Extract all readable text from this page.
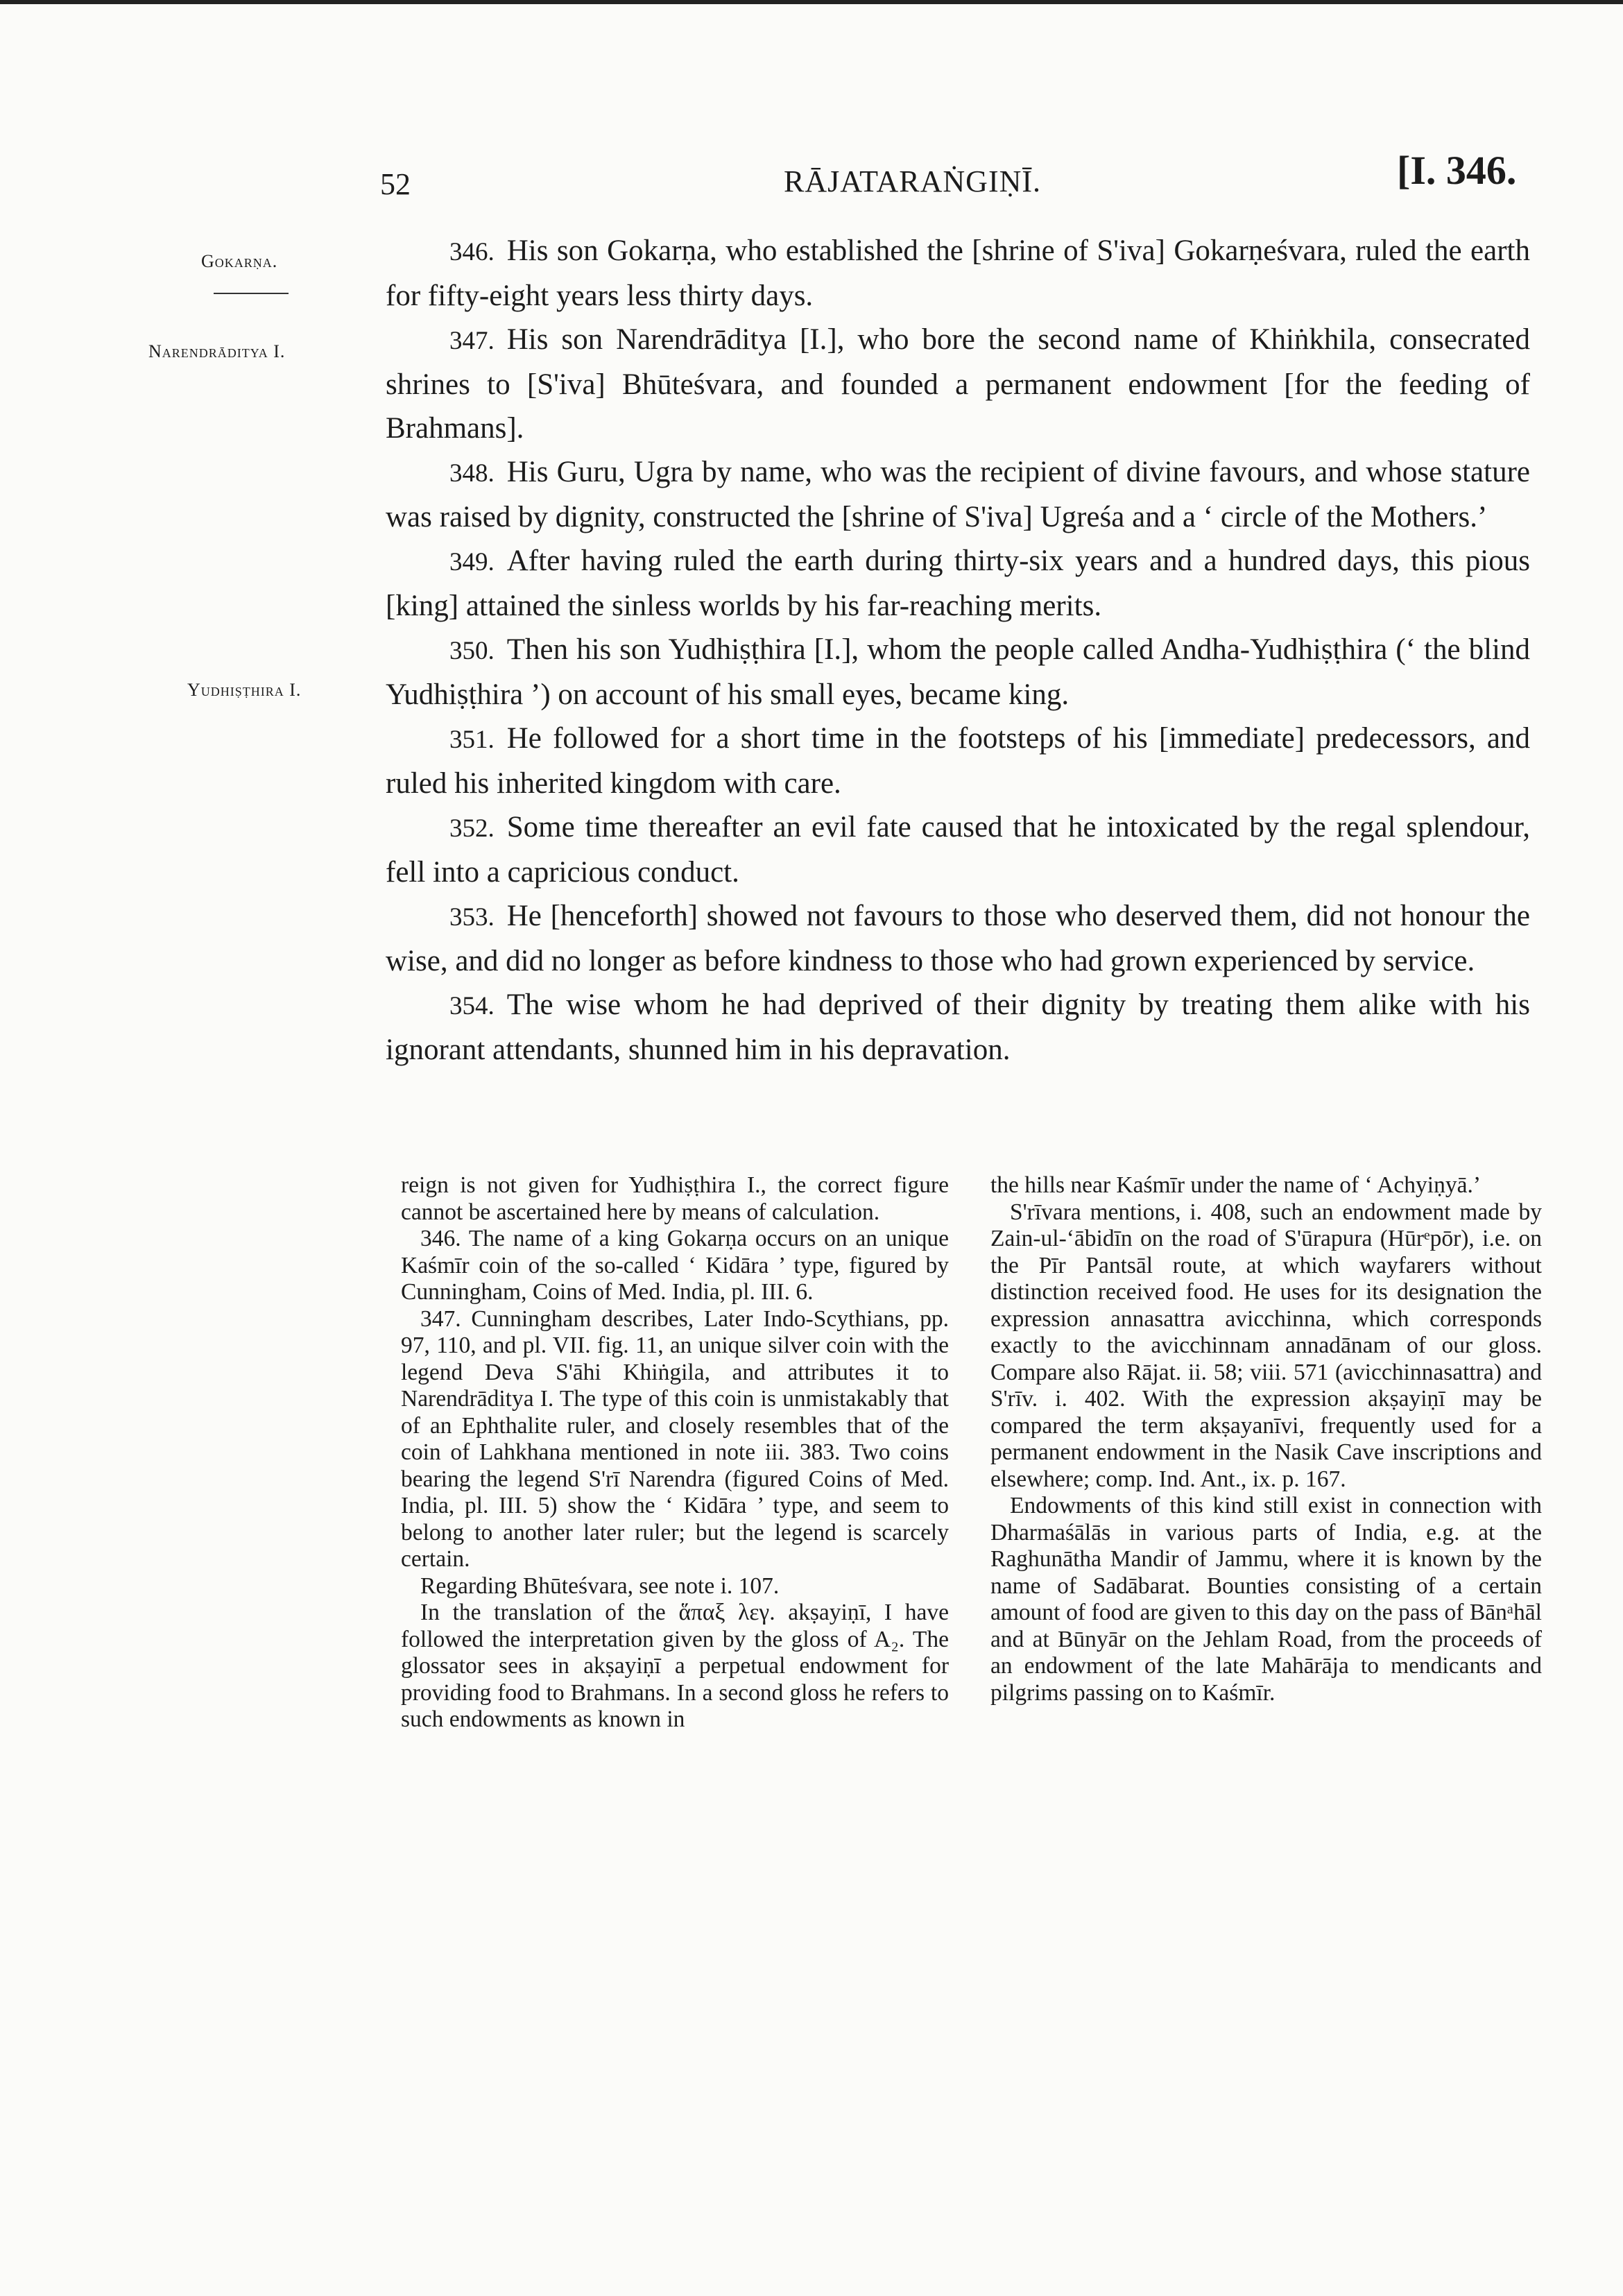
52	RĀJATARAṄGIṆĪ.	[I. 346.
Gokarṇa.
Narendrāditya I.
Yudhiṣṭhira I.

346. His son Gokarṇa, who established the [shrine of S'iva] Gokarṇeśvara, ruled the earth for fifty-eight years less thirty days.

347. His son Narendrāditya [I.], who bore the second name of Khiṅkhila, consecrated shrines to [S'iva] Bhūteśvara, and founded a permanent endowment [for the feeding of Brahmans].

348. His Guru, Ugra by name, who was the recipient of divine favours, and whose stature was raised by dignity, constructed the [shrine of S'iva] Ugreśa and a ‘ circle of the Mothers.’

349. After having ruled the earth during thirty-six years and a hundred days, this pious [king] attained the sinless worlds by his far-reaching merits.

350. Then his son Yudhiṣṭhira [I.], whom the people called Andha-Yudhiṣṭhira (‘ the blind Yudhiṣṭhira ’) on account of his small eyes, became king.

351. He followed for a short time in the footsteps of his [immediate] predecessors, and ruled his inherited kingdom with care.

352. Some time thereafter an evil fate caused that he intoxicated by the regal splendour, fell into a capricious conduct.

353. He [henceforth] showed not favours to those who deserved them, did not honour the wise, and did no longer as before kindness to those who had grown experienced by service.

354. The wise whom he had deprived of their dignity by treating them alike with his ignorant attendants, shunned him in his depravation.

reign is not given for Yudhiṣṭhira I., the correct figure cannot be ascertained here by means of calculation.

346. The name of a king Gokarṇa occurs on an unique Kaśmīr coin of the so-called ‘ Kidāra ’ type, figured by Cunningham, Coins of Med. India, pl. III. 6.

347. Cunningham describes, Later Indo-Scythians, pp. 97, 110, and pl. VII. fig. 11, an unique silver coin with the legend Deva S'āhi Khiṅgila, and attributes it to Narendrāditya I. The type of this coin is unmistakably that of an Ephthalite ruler, and closely resembles that of the coin of Lahkhana mentioned in note iii. 383. Two coins bearing the legend S'rī Narendra (figured Coins of Med. India, pl. III. 5) show the ‘ Kidāra ’ type, and seem to belong to another later ruler; but the legend is scarcely certain.

Regarding Bhūteśvara, see note i. 107.

In the translation of the ἅπαξ λεγ. akṣayiṇī, I have followed the interpretation given by the gloss of A₂. The glossator sees in akṣayiṇī a perpetual endowment for providing food to Brahmans. In a second gloss he refers to such endowments as known in

the hills near Kaśmīr under the name of ‘ Achyiṇyā.’

S'rīvara mentions, i. 408, such an endowment made by Zain-ul-‘ābidīn on the road of S'ūrapura (Hūrᵉpōr), i.e. on the Pīr Pantsāl route, at which wayfarers without distinction received food. He uses for its designation the expression annasattra avicchinna, which corresponds exactly to the avicchinnam annadānam of our gloss. Compare also Rājat. ii. 58; viii. 571 (avicchinnasattra) and S'rīv. i. 402. With the expression akṣayiṇī may be compared the term akṣayanīvi, frequently used for a permanent endowment in the Nasik Cave inscriptions and elsewhere; comp. Ind. Ant., ix. p. 167.

Endowments of this kind still exist in connection with Dharmaśālās in various parts of India, e.g. at the Raghunātha Mandir of Jammu, where it is known by the name of Sadābarat. Bounties consisting of a certain amount of food are given to this day on the pass of Bānᵃhāl and at Būnyār on the Jehlam Road, from the proceeds of an endowment of the late Mahārāja to mendicants and pilgrims passing on to Kaśmīr.
